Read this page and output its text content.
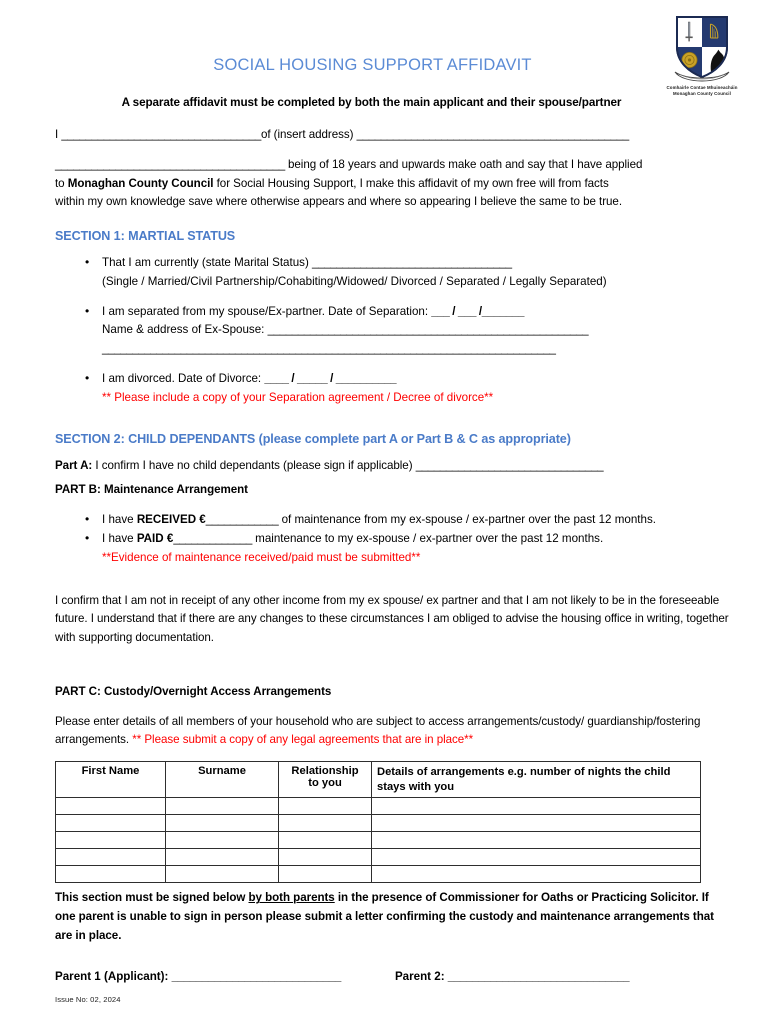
Comhairle Contae Mhuineacháin
Monaghan County Council
SOCIAL HOUSING SUPPORT AFFIDAVIT
A separate affidavit must be completed by both the main applicant and their spouse/partner

I _________________________________of (insert address) _____________________________________________

______________________________________ being of 18 years and upwards make oath and say that I have applied

to Monaghan County Council for Social Housing Support, I make this affidavit of my own free will from facts

within my own knowledge save where otherwise appears and where so appearing I believe the same to be true.

SECTION 1: MARTIAL STATUS
• That I am currently (state Marital Status) _________________________________
(Single / Married/Civil Partnership/Cohabiting/Widowed/ Divorced / Separated / Legally Separated)
• I am separated from my spouse/Ex-partner. Date of Separation: ___ / ___ /_______
Name & address of Ex-Spouse: _____________________________________________________
___________________________________________________________________________
• I am divorced. Date of Divorce: ____ / _____ / __________
** Please include a copy of your Separation agreement / Decree of divorce**
SECTION 2: CHILD DEPENDANTS (please complete part A or Part B & C as appropriate)

Part A: I confirm I have no child dependants (please sign if applicable) _______________________________

PART B: Maintenance Arrangement

• I have RECEIVED €____________ of maintenance from my ex-spouse / ex-partner over the past 12 months.
• I have PAID €_____________ maintenance to my ex-spouse / ex-partner over the past 12 months.
**Evidence of maintenance received/paid must be submitted**

I confirm that I am not in receipt of any other income from my ex spouse/ ex partner and that I am not likely to be in the foreseeable future. I understand that if there are any changes to these circumstances I am obliged to advise the housing office in writing, together with supporting documentation.

PART C: Custody/Overnight Access Arrangements

Please enter details of all members of your household who are subject to access arrangements/custody/ guardianship/fostering arrangements. ** Please submit a copy of any legal agreements that are in place**

First Name	Surname	Relationship
to you	Details of arrangements e.g. number of nights the child stays with you

This section must be signed below by both parents in the presence of Commissioner for Oaths or Practicing Solicitor. If one parent is unable to sign in person please submit a letter confirming the custody and maintenance arrangements that are in place.

Parent 1 (Applicant): ____________________________	Parent 2: ______________________________
Issue No: 02, 2024
